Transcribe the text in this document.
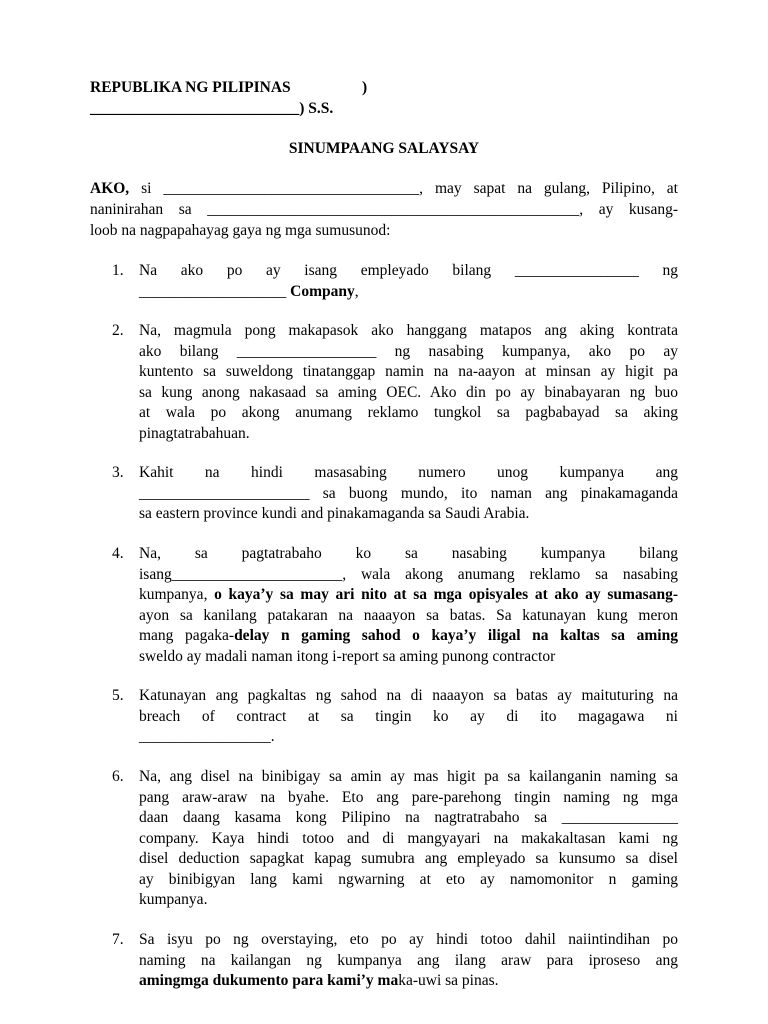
REPUBLIKA NG PILIPINAS	)
___________________________) S.S.
SINUMPAANG SALAYSAY
AKO, si _________________________________, may sapat na gulang, Pilipino, at
naninirahan sa ________________________________________________, ay kusang-
loob na nagpapahayag gaya ng mga sumusunod:
1. Na ako po ay isang empleyado bilang ________________ ng
___________________ Company,
2. Na, magmula pong makapasok ako hanggang matapos ang aking kontrata
ako bilang __________________ ng nasabing kumpanya, ako po ay
kuntento sa suweldong tinatanggap namin na na-aayon at minsan ay higit pa
sa kung anong nakasaad sa aming OEC. Ako din po ay binabayaran ng buo
at wala po akong anumang reklamo tungkol sa pagbabayad sa aking
pinagtatrabahuan.
3. Kahit na hindi masasabing numero unog kumpanya ang
______________________ sa buong mundo, ito naman ang pinakamaganda
sa eastern province kundi and pinakamaganda sa Saudi Arabia.
4. Na, sa pagtatrabaho ko sa nasabing kumpanya bilang
isang______________________, wala akong anumang reklamo sa nasabing
kumpanya, o kaya’y sa may ari nito at sa mga opisyales at ako ay sumasang-
ayon sa kanilang patakaran na naaayon sa batas. Sa katunayan kung meron
mang pagaka-delay n gaming sahod o kaya’y iligal na kaltas sa aming
sweldo ay madali naman itong i-report sa aming punong contractor
5. Katunayan ang pagkaltas ng sahod na di naaayon sa batas ay maituturing na
breach of contract at sa tingin ko ay di ito magagawa ni
_________________.
6. Na, ang disel na binibigay sa amin ay mas higit pa sa kailanganin naming sa
pang araw-araw na byahe. Eto ang pare-parehong tingin naming ng mga
daan daang kasama kong Pilipino na nagtratrabaho sa _______________
company. Kaya hindi totoo and di mangyayari na makakaltasan kami ng
disel deduction sapagkat kapag sumubra ang empleyado sa kunsumo sa disel
ay binibigyan lang kami ngwarning at eto ay namomonitor n gaming
kumpanya.
7. Sa isyu po ng overstaying, eto po ay hindi totoo dahil naiintindihan po
naming na kailangan ng kumpanya ang ilang araw para iproseso ang
amingmga dukumento para kami’y maka-uwi sa pinas.
